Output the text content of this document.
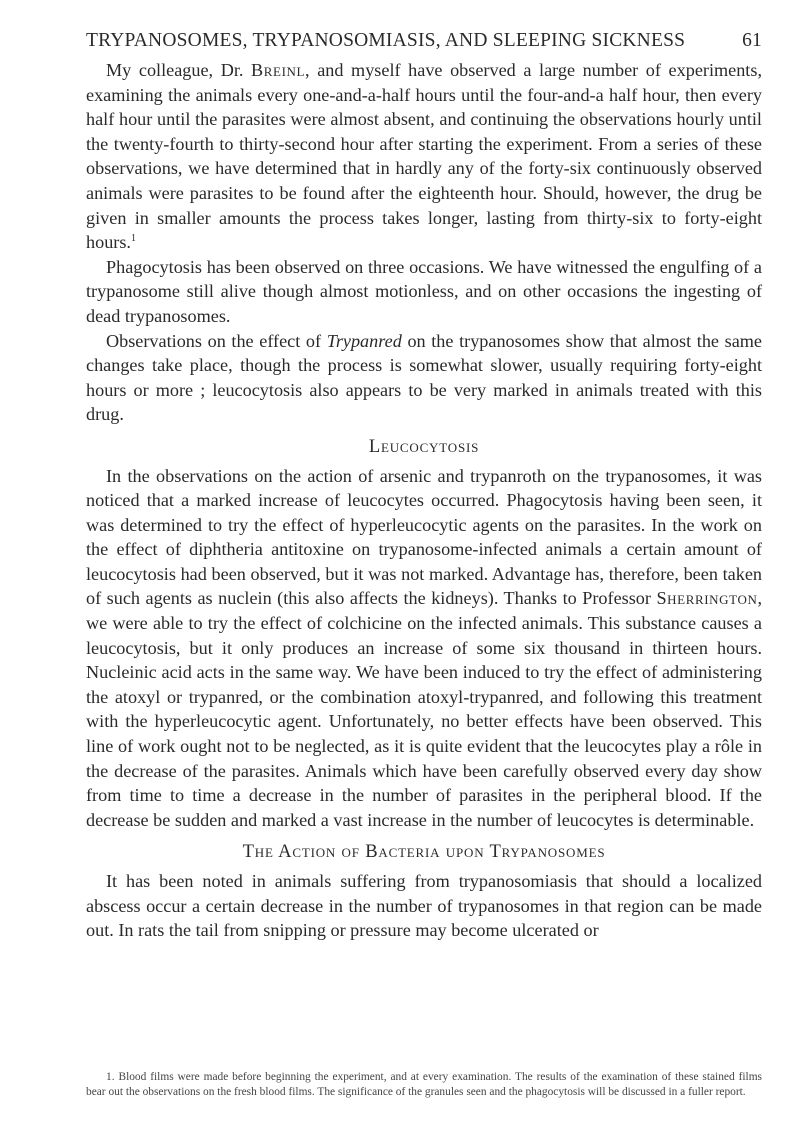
TRYPANOSOMES, TRYPANOSOMIASIS, AND SLEEPING SICKNESS	61

My colleague, Dr. Breinl, and myself have observed a large number of experiments, examining the animals every one-and-a-half hours until the four-and-a half hour, then every half hour until the parasites were almost absent, and continuing the observations hourly until the twenty-fourth to thirty-second hour after starting the experiment. From a series of these observations, we have determined that in hardly any of the forty-six continuously observed animals were parasites to be found after the eighteenth hour. Should, however, the drug be given in smaller amounts the process takes longer, lasting from thirty-six to forty-eight hours.$^1$

Phagocytosis has been observed on three occasions. We have witnessed the engulfing of a trypanosome still alive though almost motionless, and on other occasions the ingesting of dead trypanosomes.

Observations on the effect of Trypanred on the trypanosomes show that almost the same changes take place, though the process is somewhat slower, usually requiring forty-eight hours or more ; leucocytosis also appears to be very marked in animals treated with this drug.

Leucocytosis

In the observations on the action of arsenic and trypanroth on the trypanosomes, it was noticed that a marked increase of leucocytes occurred. Phagocytosis having been seen, it was determined to try the effect of hyperleucocytic agents on the parasites. In the work on the effect of diphtheria antitoxine on trypanosome-infected animals a certain amount of leucocytosis had been observed, but it was not marked. Advantage has, therefore, been taken of such agents as nuclein (this also affects the kidneys). Thanks to Professor Sherrington, we were able to try the effect of colchicine on the infected animals. This substance causes a leucocytosis, but it only produces an increase of some six thousand in thirteen hours. Nucleinic acid acts in the same way. We have been induced to try the effect of administering the atoxyl or trypanred, or the combination atoxyl-trypanred, and following this treatment with the hyperleucocytic agent. Unfortunately, no better effects have been observed. This line of work ought not to be neglected, as it is quite evident that the leucocytes play a rôle in the decrease of the parasites. Animals which have been carefully observed every day show from time to time a decrease in the number of parasites in the peripheral blood. If the decrease be sudden and marked a vast increase in the number of leucocytes is determinable.

The Action of Bacteria upon Trypanosomes

It has been noted in animals suffering from trypanosomiasis that should a localized abscess occur a certain decrease in the number of trypanosomes in that region can be made out. In rats the tail from snipping or pressure may become ulcerated or

1. Blood films were made before beginning the experiment, and at every examination. The results of the examination of these stained films bear out the observations on the fresh blood films. The significance of the granules seen and the phagocytosis will be discussed in a fuller report.
